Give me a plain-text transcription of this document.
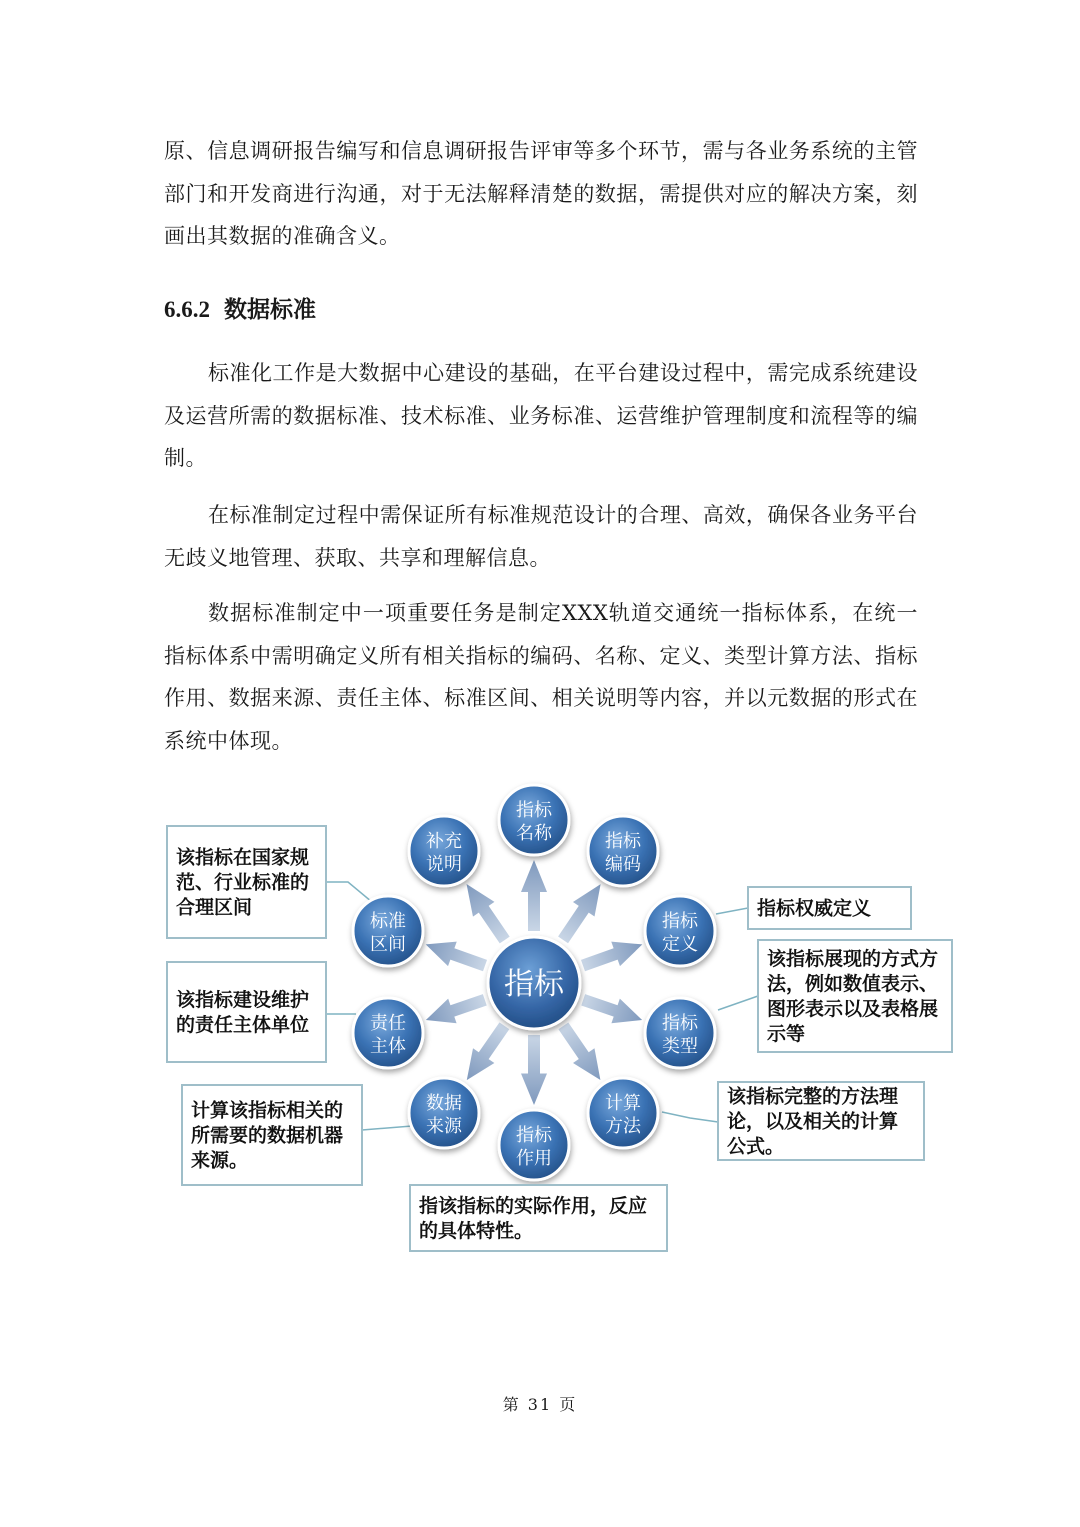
原、信息调研报告编写和信息调研报告评审等多个环节，需与各业务系统的主管部门和开发商进行沟通，对于无法解释清楚的数据，需提供对应的解决方案，刻画出其数据的准确含义。

6.6.2 数据标准

标准化工作是大数据中心建设的基础，在平台建设过程中，需完成系统建设及运营所需的数据标准、技术标准、业务标准、运营维护管理制度和流程等的编制。

在标准制定过程中需保证所有标准规范设计的合理、高效，确保各业务平台无歧义地管理、获取、共享和理解信息。

数据标准制定中一项重要任务是制定XXX轨道交通统一指标体系，在统一指标体系中需明确定义所有相关指标的编码、名称、定义、类型计算方法、指标作用、数据来源、责任主体、标准区间、相关说明等内容，并以元数据的形式在系统中体现。

指标
名称	指标
编码
指标
定义
指标
类型
计算
方法
指标
作用
数据
来源
责任
主体
标准
区间
补充
说明
指标
该指标在国家规
范、行业标准的
合理区间
该指标建设维护
的责任主体单位
计算该指标相关的
所需要的数据机器
来源。
指该指标的实际作用，反应
的具体特性。
该指标完整的方法理
论，以及相关的计算
公式。
该指标展现的方式方
法，例如数值表示、
图形表示以及表格展
示等
指标权威定义
第 31 页
